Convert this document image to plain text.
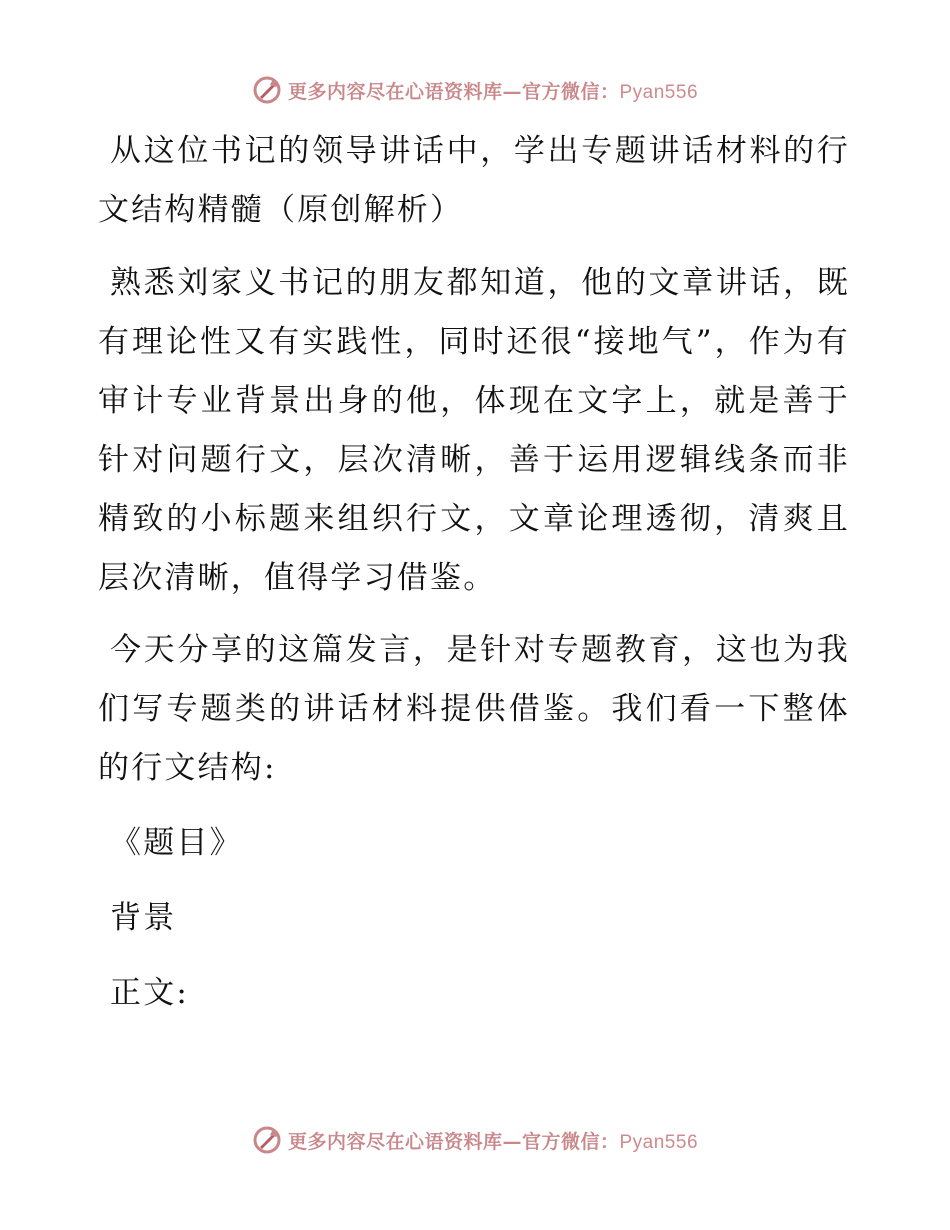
更多内容尽在心语资料库—官方微信：Pyan556

从这位书记的领导讲话中，学出专题讲话材料的行文结构精髓（原创解析）

熟悉刘家义书记的朋友都知道，他的文章讲话，既有理论性又有实践性，同时还很“接地气”，作为有审计专业背景出身的他，体现在文字上，就是善于针对问题行文，层次清晰，善于运用逻辑线条而非精致的小标题来组织行文，文章论理透彻，清爽且层次清晰，值得学习借鉴。

今天分享的这篇发言，是针对专题教育，这也为我们写专题类的讲话材料提供借鉴。我们看一下整体的行文结构:

《题目》

背景

正文:

更多内容尽在心语资料库—官方微信：Pyan556
